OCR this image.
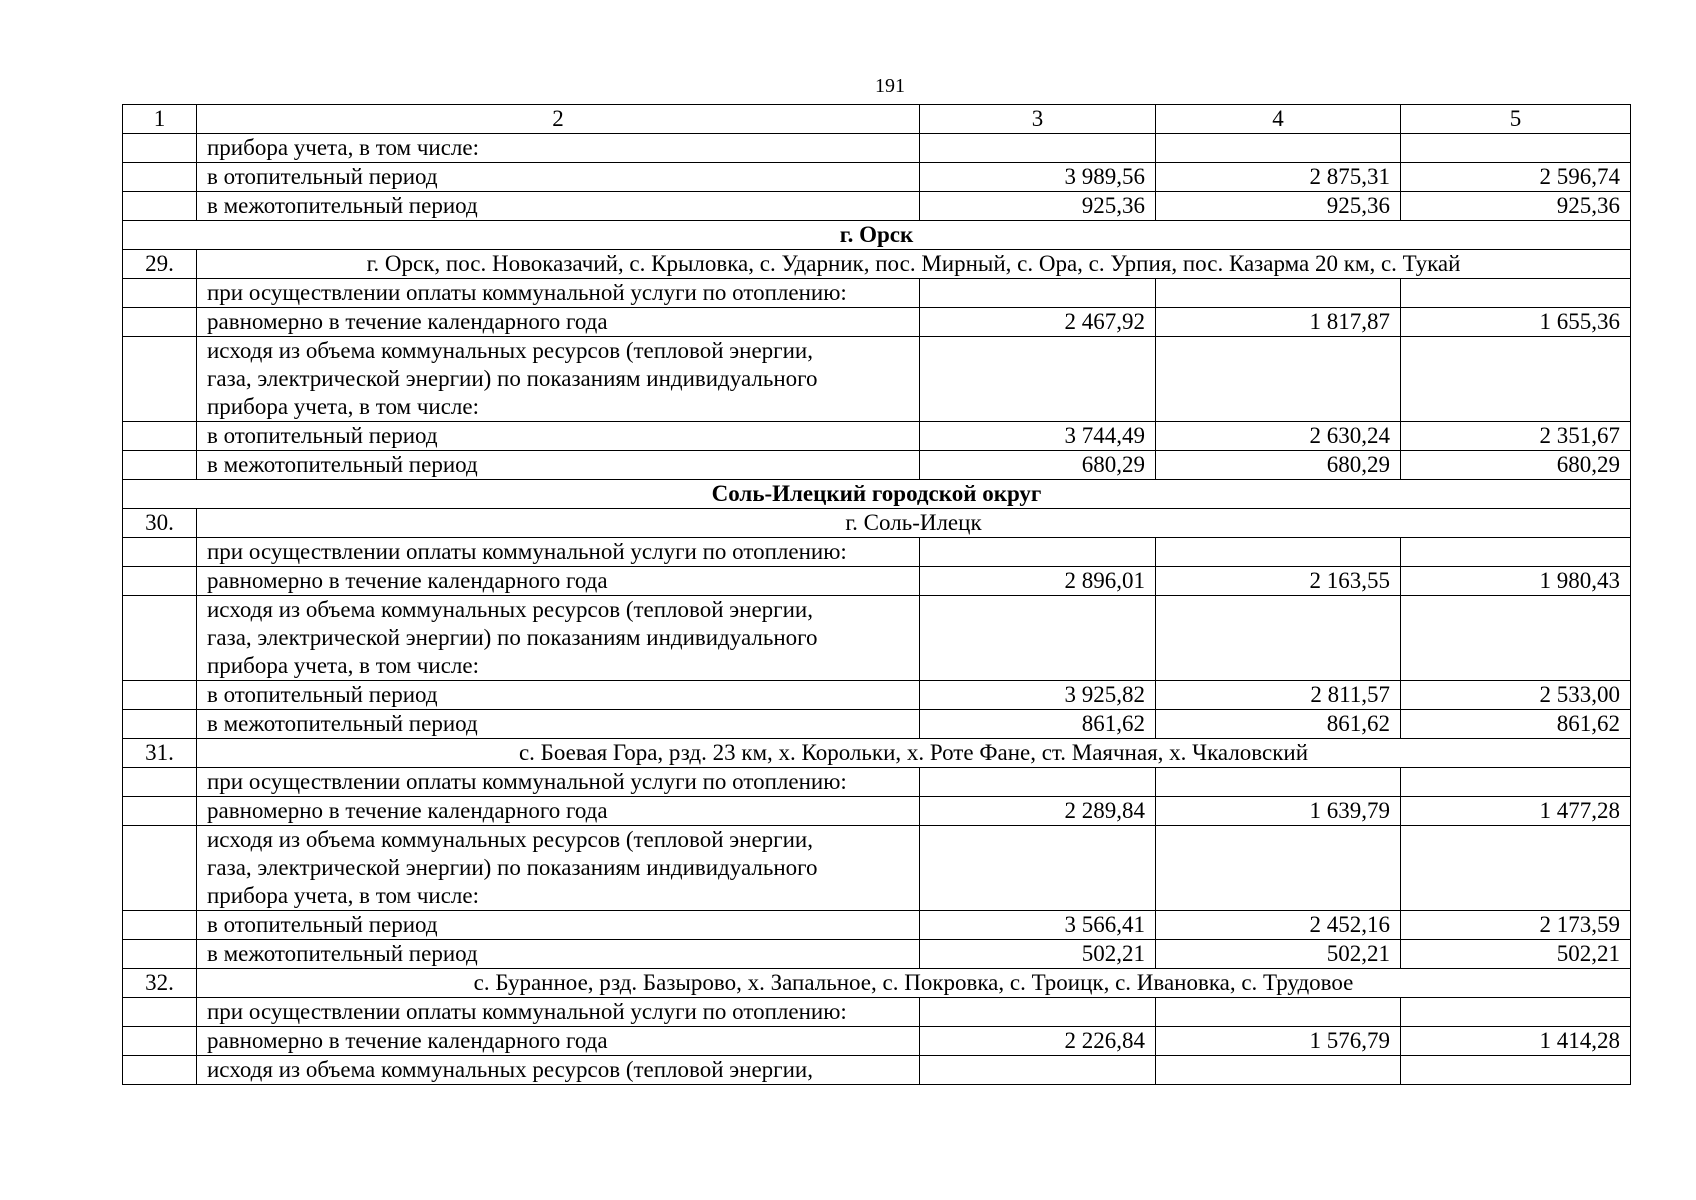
191
1	2	3	4	5
	прибора учета, в том числе:			
	в отопительный период	3 989,56	2 875,31	2 596,74
	в межотопительный период	925,36	925,36	925,36
г. Орск				
29.	г. Орск, пос. Новоказачий, с. Крыловка, с. Ударник, пос. Мирный, с. Ора, с. Урпия, пос. Казарма 20 км, с. Тукай			
	при осуществлении оплаты коммунальной услуги по отоплению:			
	равномерно в течение календарного года	2 467,92	1 817,87	1 655,36

	исходя из объема коммунальных ресурсов (тепловой энергии,
газа, электрической энергии) по показаниям индивидуального
прибора учета, в том числе:			

	в отопительный период	3 744,49	2 630,24	2 351,67
	в межотопительный период	680,29	680,29	680,29
Соль-Илецкий городской округ				
30.	г. Соль-Илецк			
	при осуществлении оплаты коммунальной услуги по отоплению:			
	равномерно в течение календарного года	2 896,01	2 163,55	1 980,43

	исходя из объема коммунальных ресурсов (тепловой энергии,
газа, электрической энергии) по показаниям индивидуального
прибора учета, в том числе:			

	в отопительный период	3 925,82	2 811,57	2 533,00
	в межотопительный период	861,62	861,62	861,62
31.	с. Боевая Гора, рзд. 23 км, х. Корольки, х. Роте Фане, ст. Маячная, х. Чкаловский			
	при осуществлении оплаты коммунальной услуги по отоплению:			
	равномерно в течение календарного года	2 289,84	1 639,79	1 477,28

	исходя из объема коммунальных ресурсов (тепловой энергии,
газа, электрической энергии) по показаниям индивидуального
прибора учета, в том числе:			

	в отопительный период	3 566,41	2 452,16	2 173,59
	в межотопительный период	502,21	502,21	502,21
32.	с. Буранное, рзд. Базырово, х. Запальное, с. Покровка, с. Троицк, с. Ивановка, с. Трудовое			
	при осуществлении оплаты коммунальной услуги по отоплению:			
	равномерно в течение календарного года	2 226,84	1 576,79	1 414,28
	исходя из объема коммунальных ресурсов (тепловой энергии,			
